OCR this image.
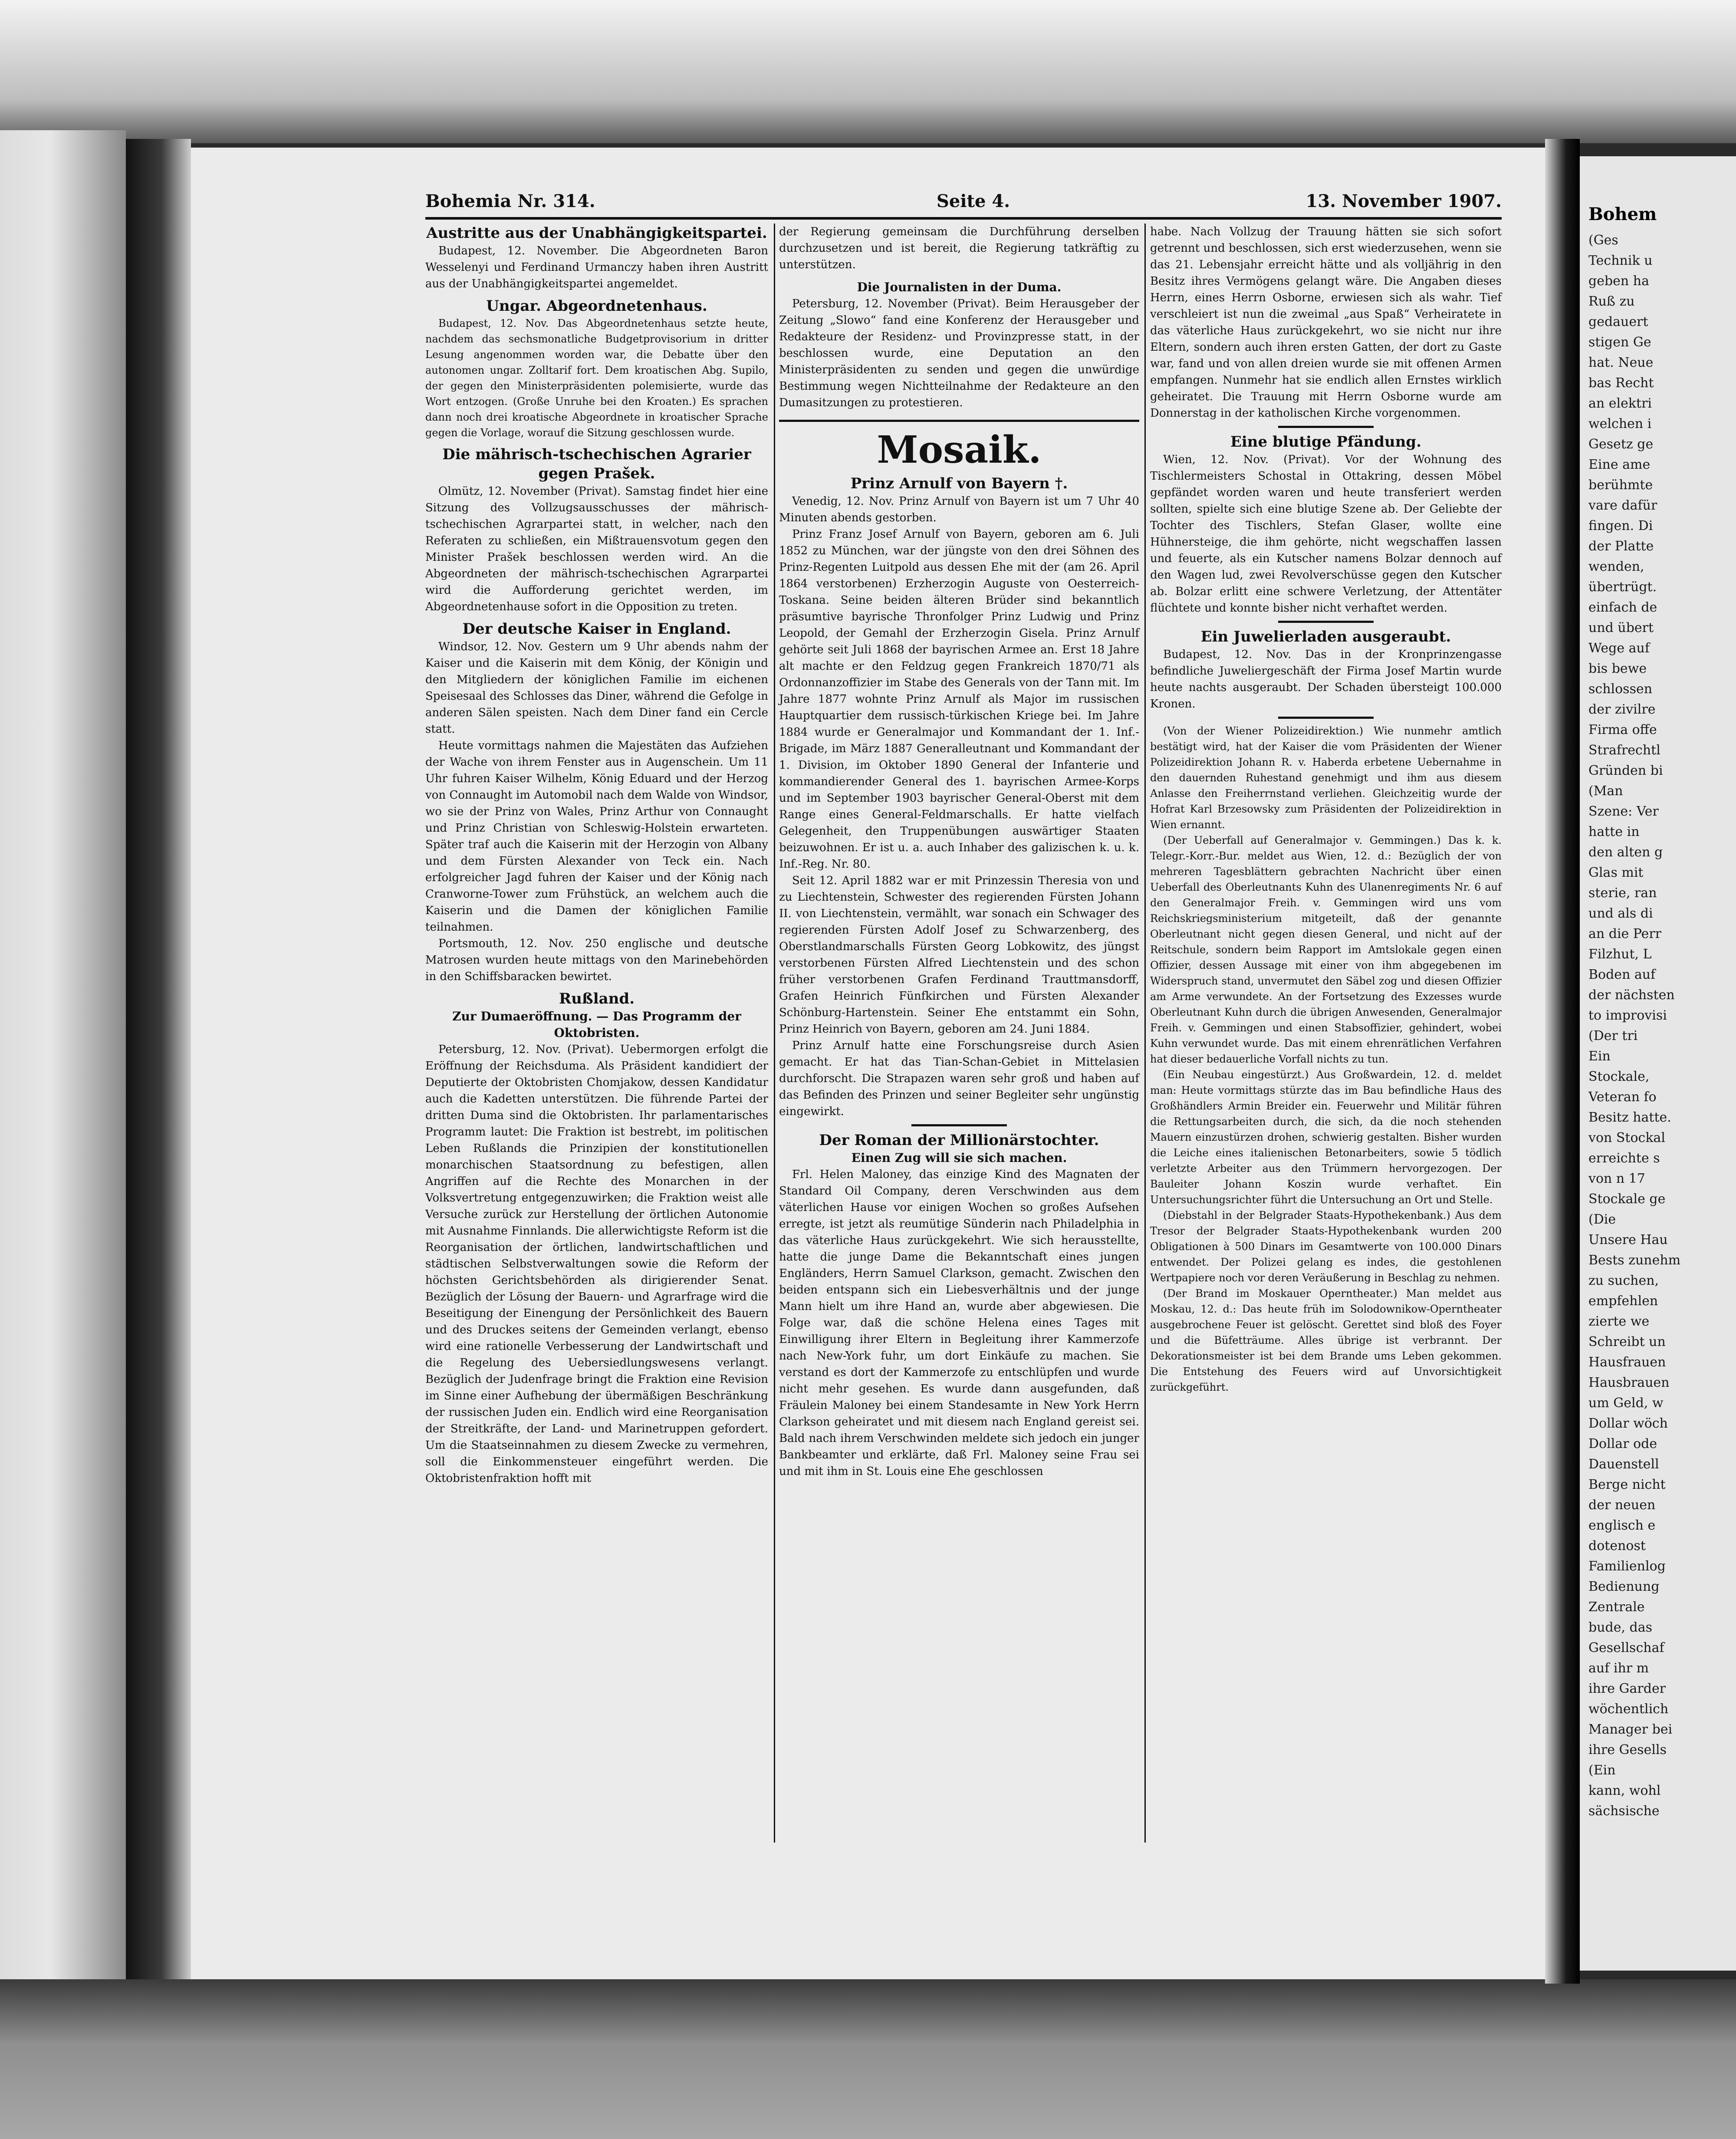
Bohem
(Ges
Technik u
geben ha
Ruß zu
gedauert
stigen Ge
hat. Neue
bas Recht
an elektri
welchen i
Gesetz ge
Eine ame
berühmte
vare dafür
fingen. Di
der Platte
wenden,
übertrügt.
einfach de
und übert
Wege auf
bis bewe
schlossen
der zivilre
Firma offe
Strafrechtl
Gründen bi
(Man
Szene: Ver
hatte in
den alten g
Glas mit
sterie, ran
und als di
an die Perr
Filzhut, L
Boden auf
der nächsten
to improvisi
(Der tri
Ein
Stockale,
Veteran fo
Besitz hatte.
von Stockal
erreichte s
von n 17
Stockale ge
(Die
Unsere Hau
Bests zunehm
zu suchen,
empfehlen
zierte we
Schreibt un
Hausfrauen
Hausbrauen
um Geld, w
Dollar wöch
Dollar ode
Dauenstell
Berge nicht
der neuen
englisch e
dotenost
Familienlog
Bedienung
Zentrale
bude, das
Gesellschaf
auf ihr m
ihre Garder
wöchentlich
Manager bei
ihre Gesells
(Ein
kann, wohl
sächsische
Bohemia Nr. 314.	Seite 4.	13. November 1907.
Austritte aus der Unabhängigkeitspartei.

Budapest, 12. November. Die Abgeordneten Baron Wesselenyi und Ferdinand Urmanczy haben ihren Austritt aus der Unabhängigkeitspartei angemeldet.

Ungar. Abgeordnetenhaus.

Budapest, 12. Nov. Das Abgeordnetenhaus setzte heute, nachdem das sechsmonatliche Budgetprovisorium in dritter Lesung angenommen worden war, die Debatte über den autonomen ungar. Zolltarif fort. Dem kroatischen Abg. Supilo, der gegen den Ministerpräsidenten polemisierte, wurde das Wort entzogen. (Große Unruhe bei den Kroaten.) Es sprachen dann noch drei kroatische Abgeordnete in kroatischer Sprache gegen die Vorlage, worauf die Sitzung geschlossen wurde.

Die mährisch-tschechischen Agrarier gegen Prašek.

Olmütz, 12. November (Privat). Samstag findet hier eine Sitzung des Vollzugsausschusses der mährisch-tschechischen Agrarpartei statt, in welcher, nach den Referaten zu schließen, ein Mißtrauensvotum gegen den Minister Prašek beschlossen werden wird. An die Abgeordneten der mährisch-tschechischen Agrarpartei wird die Aufforderung gerichtet werden, im Abgeordnetenhause sofort in die Opposition zu treten.

Der deutsche Kaiser in England.

Windsor, 12. Nov. Gestern um 9 Uhr abends nahm der Kaiser und die Kaiserin mit dem König, der Königin und den Mitgliedern der königlichen Familie im eichenen Speisesaal des Schlosses das Diner, während die Gefolge in anderen Sälen speisten. Nach dem Diner fand ein Cercle statt.

Heute vormittags nahmen die Majestäten das Aufziehen der Wache von ihrem Fenster aus in Augenschein. Um 11 Uhr fuhren Kaiser Wilhelm, König Eduard und der Herzog von Connaught im Automobil nach dem Walde von Windsor, wo sie der Prinz von Wales, Prinz Arthur von Connaught und Prinz Christian von Schleswig-Holstein erwarteten. Später traf auch die Kaiserin mit der Herzogin von Albany und dem Fürsten Alexander von Teck ein. Nach erfolgreicher Jagd fuhren der Kaiser und der König nach Cranworne-Tower zum Frühstück, an welchem auch die Kaiserin und die Damen der königlichen Familie teilnahmen.

Portsmouth, 12. Nov. 250 englische und deutsche Matrosen wurden heute mittags von den Marinebehörden in den Schiffsbaracken bewirtet.

Rußland.
Zur Dumaeröffnung. — Das Programm der Oktobristen.

Petersburg, 12. Nov. (Privat). Uebermorgen erfolgt die Eröffnung der Reichsduma. Als Präsident kandidiert der Deputierte der Oktobristen Chomjakow, dessen Kandidatur auch die Kadetten unterstützen. Die führende Partei der dritten Duma sind die Oktobristen. Ihr parlamentarisches Programm lautet: Die Fraktion ist bestrebt, im politischen Leben Rußlands die Prinzipien der konstitutionellen monarchischen Staatsordnung zu befestigen, allen Angriffen auf die Rechte des Monarchen in der Volksvertretung entgegenzuwirken; die Fraktion weist alle Versuche zurück zur Herstellung der örtlichen Autonomie mit Ausnahme Finnlands. Die allerwichtigste Reform ist die Reorganisation der örtlichen, landwirtschaftlichen und städtischen Selbstverwaltungen sowie die Reform der höchsten Gerichtsbehörden als dirigierender Senat. Bezüglich der Lösung der Bauern- und Agrarfrage wird die Beseitigung der Einengung der Persönlichkeit des Bauern und des Druckes seitens der Gemeinden verlangt, ebenso wird eine rationelle Verbesserung der Landwirtschaft und die Regelung des Uebersiedlungswesens verlangt. Bezüglich der Judenfrage bringt die Fraktion eine Revision im Sinne einer Aufhebung der übermäßigen Beschränkung der russischen Juden ein. Endlich wird eine Reorganisation der Streitkräfte, der Land- und Marinetruppen gefordert. Um die Staatseinnahmen zu diesem Zwecke zu vermehren, soll die Einkommensteuer eingeführt werden. Die Oktobristenfraktion hofft mit

der Regierung gemeinsam die Durchführung derselben durchzusetzen und ist bereit, die Regierung tatkräftig zu unterstützen.

Die Journalisten in der Duma.

Petersburg, 12. November (Privat). Beim Herausgeber der Zeitung „Slowo“ fand eine Konferenz der Herausgeber und Redakteure der Residenz- und Provinzpresse statt, in der beschlossen wurde, eine Deputation an den Ministerpräsidenten zu senden und gegen die unwürdige Bestimmung wegen Nichtteilnahme der Redakteure an den Dumasitzungen zu protestieren.

Mosaik.
Prinz Arnulf von Bayern †.

Venedig, 12. Nov. Prinz Arnulf von Bayern ist um 7 Uhr 40 Minuten abends gestorben.

Prinz Franz Josef Arnulf von Bayern, geboren am 6. Juli 1852 zu München, war der jüngste von den drei Söhnen des Prinz-Regenten Luitpold aus dessen Ehe mit der (am 26. April 1864 verstorbenen) Erzherzogin Auguste von Oesterreich-Toskana. Seine beiden älteren Brüder sind bekanntlich präsumtive bayrische Thronfolger Prinz Ludwig und Prinz Leopold, der Gemahl der Erzherzogin Gisela. Prinz Arnulf gehörte seit Juli 1868 der bayrischen Armee an. Erst 18 Jahre alt machte er den Feldzug gegen Frankreich 1870/71 als Ordonnanzoffizier im Stabe des Generals von der Tann mit. Im Jahre 1877 wohnte Prinz Arnulf als Major im russischen Hauptquartier dem russisch-türkischen Kriege bei. Im Jahre 1884 wurde er Generalmajor und Kommandant der 1. Inf.-Brigade, im März 1887 Generalleutnant und Kommandant der 1. Division, im Oktober 1890 General der Infanterie und kommandierender General des 1. bayrischen Armee-Korps und im September 1903 bayrischer General-Oberst mit dem Range eines General-Feldmarschalls. Er hatte vielfach Gelegenheit, den Truppenübungen auswärtiger Staaten beizuwohnen. Er ist u. a. auch Inhaber des galizischen k. u. k. Inf.-Reg. Nr. 80.

Seit 12. April 1882 war er mit Prinzessin Theresia von und zu Liechtenstein, Schwester des regierenden Fürsten Johann II. von Liechtenstein, vermählt, war sonach ein Schwager des regierenden Fürsten Adolf Josef zu Schwarzenberg, des Oberstlandmarschalls Fürsten Georg Lobkowitz, des jüngst verstorbenen Fürsten Alfred Liechtenstein und des schon früher verstorbenen Grafen Ferdinand Trauttmansdorff, Grafen Heinrich Fünfkirchen und Fürsten Alexander Schönburg-Hartenstein. Seiner Ehe entstammt ein Sohn, Prinz Heinrich von Bayern, geboren am 24. Juni 1884.

Prinz Arnulf hatte eine Forschungsreise durch Asien gemacht. Er hat das Tian-Schan-Gebiet in Mittelasien durchforscht. Die Strapazen waren sehr groß und haben auf das Befinden des Prinzen und seiner Begleiter sehr ungünstig eingewirkt.

Der Roman der Millionärstochter.
Einen Zug will sie sich machen.

Frl. Helen Maloney, das einzige Kind des Magnaten der Standard Oil Company, deren Verschwinden aus dem väterlichen Hause vor einigen Wochen so großes Aufsehen erregte, ist jetzt als reumütige Sünderin nach Philadelphia in das väterliche Haus zurückgekehrt. Wie sich herausstellte, hatte die junge Dame die Bekanntschaft eines jungen Engländers, Herrn Samuel Clarkson, gemacht. Zwischen den beiden entspann sich ein Liebesverhältnis und der junge Mann hielt um ihre Hand an, wurde aber abgewiesen. Die Folge war, daß die schöne Helena eines Tages mit Einwilligung ihrer Eltern in Begleitung ihrer Kammerzofe nach New-York fuhr, um dort Einkäufe zu machen. Sie verstand es dort der Kammerzofe zu entschlüpfen und wurde nicht mehr gesehen. Es wurde dann ausgefunden, daß Fräulein Maloney bei einem Standesamte in New York Herrn Clarkson geheiratet und mit diesem nach England gereist sei. Bald nach ihrem Verschwinden meldete sich jedoch ein junger Bankbeamter und erklärte, daß Frl. Maloney seine Frau sei und mit ihm in St. Louis eine Ehe geschlossen

habe. Nach Vollzug der Trauung hätten sie sich sofort getrennt und beschlossen, sich erst wiederzusehen, wenn sie das 21. Lebensjahr erreicht hätte und als volljährig in den Besitz ihres Vermögens gelangt wäre. Die Angaben dieses Herrn, eines Herrn Osborne, erwiesen sich als wahr. Tief verschleiert ist nun die zweimal „aus Spaß“ Verheiratete in das väterliche Haus zurückgekehrt, wo sie nicht nur ihre Eltern, sondern auch ihren ersten Gatten, der dort zu Gaste war, fand und von allen dreien wurde sie mit offenen Armen empfangen. Nunmehr hat sie endlich allen Ernstes wirklich geheiratet. Die Trauung mit Herrn Osborne wurde am Donnerstag in der katholischen Kirche vorgenommen.

Eine blutige Pfändung.

Wien, 12. Nov. (Privat). Vor der Wohnung des Tischlermeisters Schostal in Ottakring, dessen Möbel gepfändet worden waren und heute transferiert werden sollten, spielte sich eine blutige Szene ab. Der Geliebte der Tochter des Tischlers, Stefan Glaser, wollte eine Hühnersteige, die ihm gehörte, nicht wegschaffen lassen und feuerte, als ein Kutscher namens Bolzar dennoch auf den Wagen lud, zwei Revolverschüsse gegen den Kutscher ab. Bolzar erlitt eine schwere Verletzung, der Attentäter flüchtete und konnte bisher nicht verhaftet werden.

Ein Juwelierladen ausgeraubt.

Budapest, 12. Nov. Das in der Kronprinzengasse befindliche Juweliergeschäft der Firma Josef Martin wurde heute nachts ausgeraubt. Der Schaden übersteigt 100.000 Kronen.

(Von der Wiener Polizeidirektion.) Wie nunmehr amtlich bestätigt wird, hat der Kaiser die vom Präsidenten der Wiener Polizeidirektion Johann R. v. Haberda erbetene Uebernahme in den dauernden Ruhestand genehmigt und ihm aus diesem Anlasse den Freiherrnstand verliehen. Gleichzeitig wurde der Hofrat Karl Brzesowsky zum Präsidenten der Polizeidirektion in Wien ernannt.

(Der Ueberfall auf Generalmajor v. Gemmingen.) Das k. k. Telegr.-Korr.-Bur. meldet aus Wien, 12. d.: Bezüglich der von mehreren Tagesblättern gebrachten Nachricht über einen Ueberfall des Oberleutnants Kuhn des Ulanenregiments Nr. 6 auf den Generalmajor Freih. v. Gemmingen wird uns vom Reichskriegsministerium mitgeteilt, daß der genannte Oberleutnant nicht gegen diesen General, und nicht auf der Reitschule, sondern beim Rapport im Amtslokale gegen einen Offizier, dessen Aussage mit einer von ihm abgegebenen im Widerspruch stand, unvermutet den Säbel zog und diesen Offizier am Arme verwundete. An der Fortsetzung des Exzesses wurde Oberleutnant Kuhn durch die übrigen Anwesenden, Generalmajor Freih. v. Gemmingen und einen Stabsoffizier, gehindert, wobei Kuhn verwundet wurde. Das mit einem ehrenrätlichen Verfahren hat dieser bedauerliche Vorfall nichts zu tun.

(Ein Neubau eingestürzt.) Aus Großwardein, 12. d. meldet man: Heute vormittags stürzte das im Bau befindliche Haus des Großhändlers Armin Breider ein. Feuerwehr und Militär führen die Rettungsarbeiten durch, die sich, da die noch stehenden Mauern einzustürzen drohen, schwierig gestalten. Bisher wurden die Leiche eines italienischen Betonarbeiters, sowie 5 tödlich verletzte Arbeiter aus den Trümmern hervorgezogen. Der Bauleiter Johann Koszin wurde verhaftet. Ein Untersuchungsrichter führt die Untersuchung an Ort und Stelle.

(Diebstahl in der Belgrader Staats-Hypothekenbank.) Aus dem Tresor der Belgrader Staats-Hypothekenbank wurden 200 Obligationen à 500 Dinars im Gesamtwerte von 100.000 Dinars entwendet. Der Polizei gelang es indes, die gestohlenen Wertpapiere noch vor deren Veräußerung in Beschlag zu nehmen.

(Der Brand im Moskauer Operntheater.) Man meldet aus Moskau, 12. d.: Das heute früh im Solodownikow-Operntheater ausgebrochene Feuer ist gelöscht. Gerettet sind bloß des Foyer und die Büfetträume. Alles übrige ist verbrannt. Der Dekorationsmeister ist bei dem Brande ums Leben gekommen. Die Entstehung des Feuers wird auf Unvorsichtigkeit zurückgeführt.
